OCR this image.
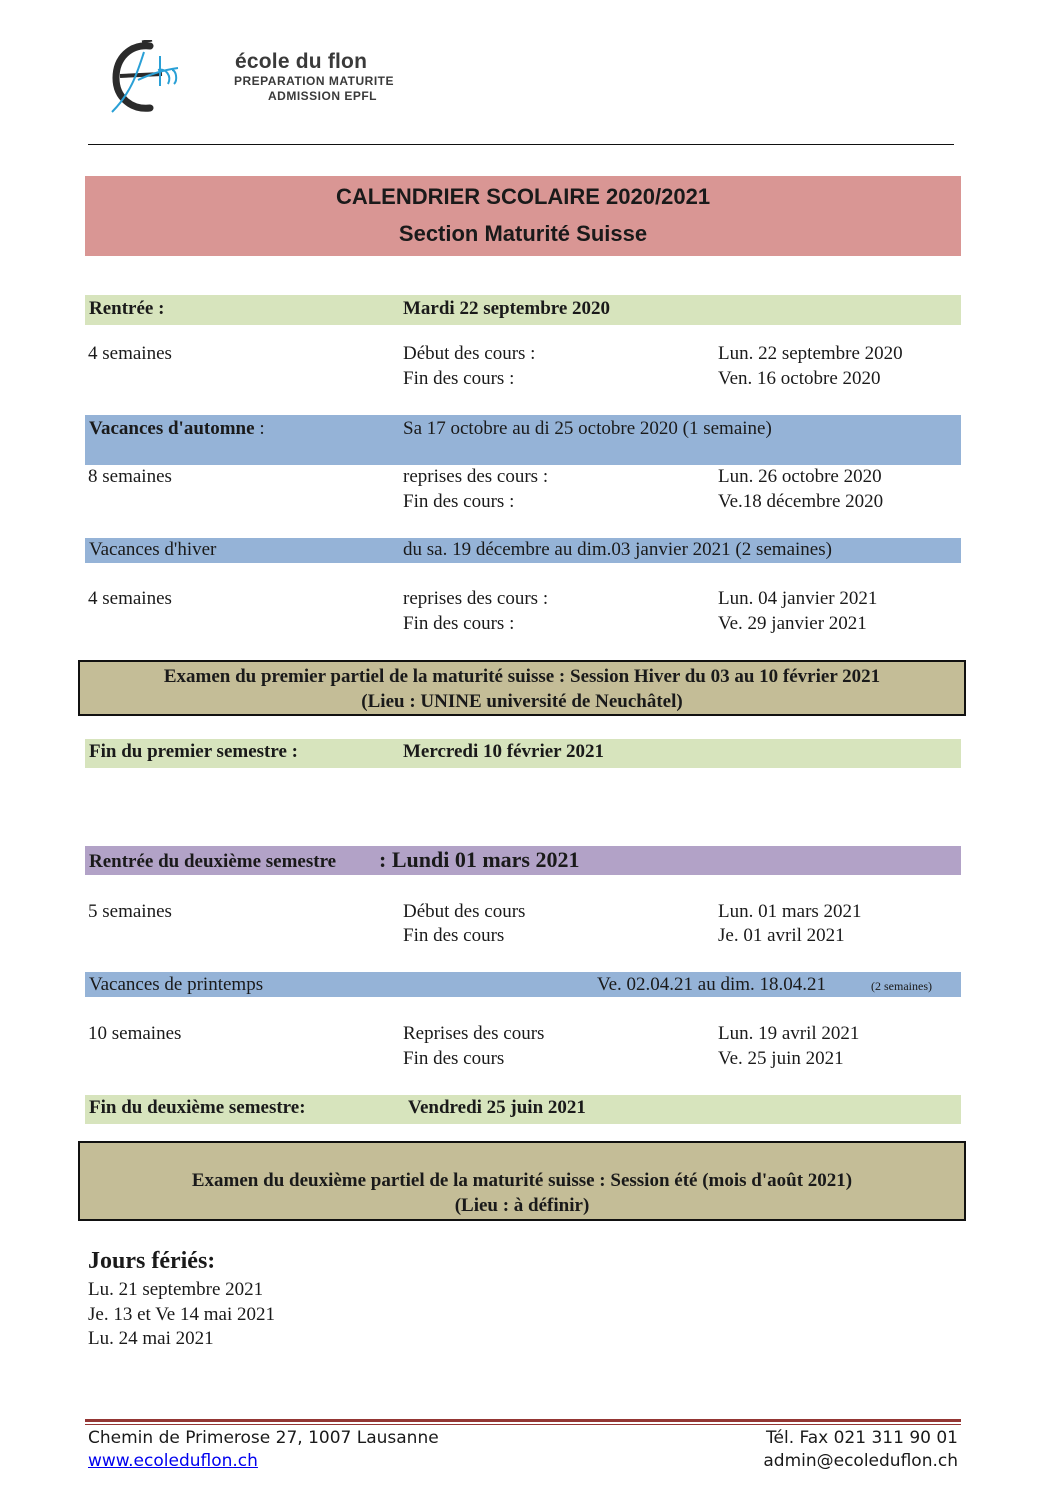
école du flon
PREPARATION MATURITE
ADMISSION EPFL
CALENDRIER SCOLAIRE 2020/2021
Section Maturité Suisse
Rentrée :	Mardi 22 septembre 2020
4 semaines	Début des cours :	Lun. 22 septembre 2020
Fin des cours :	Ven. 16 octobre 2020
Vacances d'automne :	Sa 17 octobre au di 25 octobre 2020 (1 semaine)
8 semaines	reprises des cours :	Lun. 26 octobre 2020
Fin des cours :	Ve.18 décembre 2020
Vacances d'hiver	du sa. 19 décembre au dim.03 janvier 2021 (2 semaines)
4 semaines	reprises des cours :	Lun. 04 janvier 2021
Fin des cours :	Ve. 29 janvier 2021
Examen du premier partiel de la maturité suisse : Session Hiver du 03 au 10 février 2021
(Lieu : UNINE université de Neuchâtel)
Fin du premier semestre :	Mercredi 10 février 2021
Rentrée du deuxième semestre : Lundi 01 mars 2021
5 semaines	Début des cours	Lun. 01 mars 2021
Fin des cours	Je. 01 avril 2021
Vacances de printemps	Ve. 02.04.21 au dim. 18.04.21	(2 semaines)
10 semaines	Reprises des cours	Lun. 19 avril 2021
Fin des cours	Ve. 25 juin 2021
Fin du deuxième semestre:	Vendredi 25 juin 2021
Examen du deuxième partiel de la maturité suisse : Session été (mois d'août 2021)
(Lieu : à définir)
Jours fériés:
Lu. 21 septembre 2021
Je. 13 et Ve 14 mai 2021
Lu. 24 mai 2021
Chemin de Primerose 27, 1007 Lausanne
www.ecoleduflon.ch
Tél. Fax 021 311 90 01
admin@ecoleduflon.ch
